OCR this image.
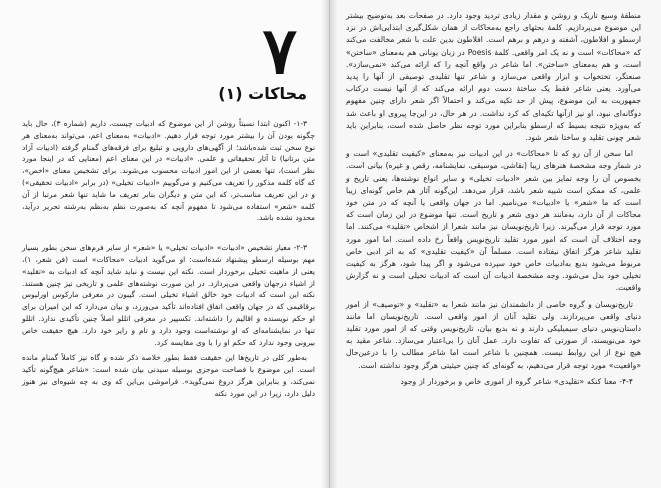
۷
محاکات (۱)

۱-۳- اکنون ابتدا نسبتاً روشن از این موضوع که ادبیات چیست، داریم (شماره ۳)، حال باید چگونه بودن آن را بیشتر مورد توجه قرار دهیم. «ادبیات» به‌معنای اعم، می‌تواند به‌معنای هر نوع سخن ثبت شده‌باشد؛ از آگهی‌های دارویی و تبلیغ برای فرقه‌های گمنام گرفته (ادبیات آزاد متن برتانیا) تا آثار تحقیقاتی و علمی. «ادبیات» در این معنای اعم (معنایی که در اینجا مورد نظر است)، تنها بعضی از این امور ادبیات محسوب می‌شوند. برای تشخیص معنای «اخص»، که گاه کلمه مذکور را تعریف می‌کنیم و می‌گوییم «ادبیات تخیلی» (در برابر «ادبیات تحقیقی») و در این تعریف مناسب‌تر، که این متن و دیگران بنابر تعریف ما شاید تنها شعر مرتبا از آن کلمه «شعر» استفاده می‌شود تا مفهوم آنچه که به‌صورت نظم به‌نظم به‌رشته تحریر درآید، محدود نشده باشد.

۲-۳- معیار تشخیص «ادبیات» «ادبیات تخیلی» یا «شعر» از سایر فرم‌های سخن بطور بسیار مهم بوسیله ارسطو پیشنهاد شده‌است: او می‌گوید ادبیات «محاکات» است (فن شعر، ۱)، یعنی از ماهیت تخیلی برخوردار است. نکته این نیست و نباید شاید آنچه که ادبیات به «تقلید» از اشیاء درجهان واقعی می‌پردازد. در این صورت نوشته‌های علمی و تاریخی نیز چنین هستند. نکته این است که ادبیات خود خالق اشیاء تخیلی است. گیبون در معرفی مارکوس اورلیوس برقاقیمی که در جهان واقعی اتفاق افتاده‌اند تأکید می‌ورزد، و بیان می‌دارد که این امیران برای او حکم نویسنده و اقالیم را داشته‌اند. تکسپیر در معرفی اتللو اصلاً چنین تأکیدی ندارد. اتللو تنها در نمایشنامه‌ای که او نوشته‌است وجود دارد و تام ‌و رایر خود دارد. هیچ حقیقت خاص بیرونی وجود ندارد که حکم او را با وی مقایسه کرد.

به‌طور کلی در تاریخ‌ها این حقیقت فقط بطور خلاصه ذکر شده و گاه نیز کاملاً گمنام مانده است. این موضوع با فصاحت موجزی بوسیله سیدنی بیان شده است: «شاعر هیچ‌گونه تأکید نمی‌کند، و بنابراین هرگز دروغ نمی‌گوید». فراموشی بی‌این که وی به چه شیوه‌ای نیز هنوز دلیل دارد، زیرا در این مورد نکته

منطقهٔ وسیع تاریک و روشن و مقدار زیادی تردید وجود دارد. در صفحات بعد به‌توضیح بیشتر این موضوع می‌پردازیم. کلمهٔ بحثهای راجع به‌محاکات از همان شکل‌گیری ابتدایی‌اش در نزد ارسطو و افلاطون، آشفته و درهم و برهم است. افلاطون بدین علت با شعر مخالفت می‌کند که «محاکات» است و نه یک امر واقعی. کلمهٔ Poesis در زبان یونانی هم به‌معنای «ساختن» است، و هم به‌معنای «ساختن». اما شاعر در واقع آنچه را که ارائه می‌کند «نمی‌سازد». صنعتگر، تختخواب و ابزار واقعی می‌سازد و شاعر تنها تقلیدی توصیفی از آنها را پدید می‌آورد. یعنی شاعر فقط یک ساختهٔ دست دوم ارائه می‌کند که از آنها نیست درکتاب جمهوریت به این موضوع، پیش از حد تکیه می‌کند و احتمالاً اگر شعر دارای چنین مفهوم دوگانه‌ای نبود، او نیز ازآنها تکیه‌ای که کرد نداشت. در هر حال، در این‌جا پیروی او باعث شد که به‌ویژه نتیجه بسیط که ارسطو بنابراین مورد توجه نظر حاصل شده است، بنابراین باید شعر چونی تقلید و ساختا شعر شود.

اما سخن از آن رو که تا «محاکات» در این ادبیات نیز به‌معنای «کیفیت تقلیدی» است و در شمار وجه مشخصهٔ هنرهای زیبا (نقاشی، موسیقی، نمایشنامه، رقص و غیره) بیانی است. بخصوص آن را وجه تمایز بین شعر «ادبیات تخیلی» و سایر انواع نوشته‌ها، یعنی تاریخ و علمی، که ممکن است شبیه شعر باشد، قرار می‌دهد. این‌گونه آثار هم خاص گونه‌ای زیبا است که ما «شعر» یا «ادبیات» می‌نامیم. اما در جهان واقعی یا آنچه که در متن خود محاکات از آن دارد، به‌مانند هر دوی شعر و تاریخ است. تنها موضوع در این زمان است که مورد توجه قرار می‌گیرند. زیرا تاریخ‌نویسان نیز مانند شعرا از اشخاص «تقلید» می‌کنند. اما وجه اختلاف آن است که امور مورد تقلید تاریخ‌نویس واقعاً رخ داده است. اما امور مورد تقلید شاعر هرگز اتفاق نیفتاده است. مسلماً آن «کیفیت تقلیدی» که به اثر ادبی خاص مربوط می‌شود بدیع به‌ادبیات خاص خود سپرده می‌شود و اگر پیدا شود، هرگز به کیفیت تخیلی خود بدل می‌شود. وجه مشخصهٔ ادبیات آن است که ادبیات تخیلی است و نه گزارش واقعیت.

تاریخ‌نویسان و گروه خاصی از دانشمندان نیز مانند شعرا به «تقلید» و «توصیف» از امور دنیای واقعی می‌پردازند. ولی تقلید آنان از امور واقعی است. تاریخ‌نویسان اما مانند داستان‌نویس دنیای سیمیلیکی دارند و نه بدیع بیان، تاریخ‌نویس وقتی که از امور مورد تقلید خود می‌نویسند، از صورتی که تفاوت دارد. عمل آنان را بی‌اعتبار می‌سازد. شاعر مقید به هیچ نوع از این روابط نیست. همچنین با شاعر است اما شاعر مطالب را با درعین‌حال «واقعیت» مورد توجه قرار می‌دهیم، به گونه‌ای که چنین حیثیتی هرگز وجود نداشته است.

۴-۴- معنا کنکه «تقلیدی» شاعر گروه از اموری خاص و برخوردار از وجود
